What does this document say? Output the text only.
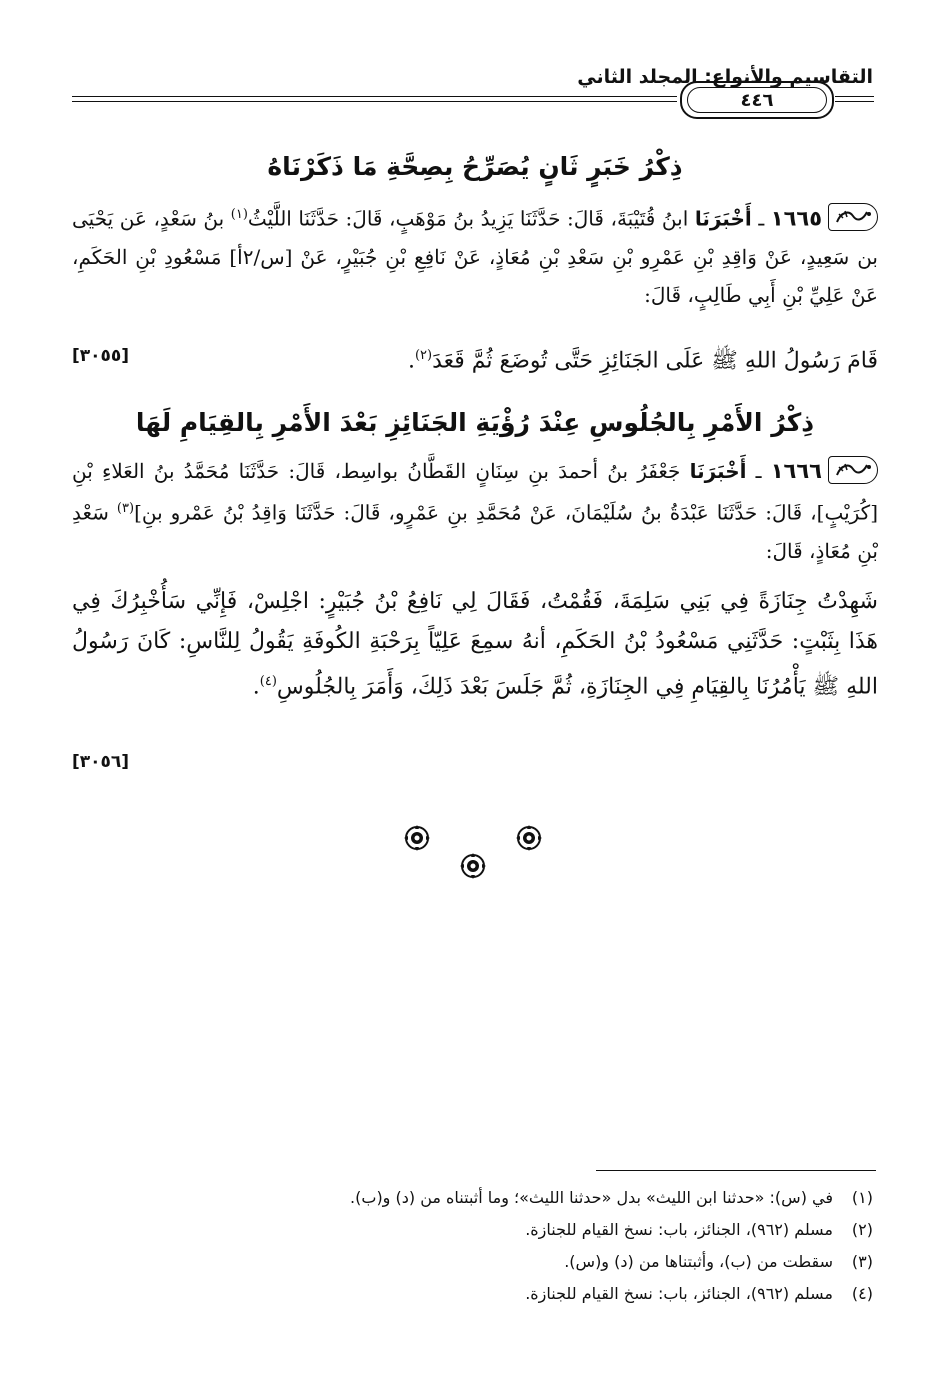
التقاسيم والأنواع: المجلد الثاني
٤٤٦
ذِكْرُ خَبَرٍ ثَانٍ يُصَرِّحُ بِصِحَّةِ مَا ذَكَرْنَاهُ
١٦٦٥ ـ أَخْبَرَنَا ابنُ قُتَيْبَةَ، قَالَ: حَدَّثَنَا يَزِيدُ بنُ مَوْهَبٍ، قَالَ: حَدَّثَنَا اللَّيْثُ$^{(١)}$ بنُ سَعْدٍ، عَن يَحْيَى بن سَعِيدٍ، عَنْ وَاقِدِ بْنِ عَمْرِو بْنِ سَعْدِ بْنِ مُعَاذٍ، عَنْ نَافِعِ بْنِ جُبَيْرٍ، عَنْ [س/٢أ] مَسْعُودِ بْنِ الحَكَمِ، عَنْ عَلِيِّ بْنِ أَبِي طَالِبٍ، قَالَ:
قَامَ رَسُولُ اللهِ ﷺ عَلَى الجَنَائِزِ حَتَّى تُوضَعَ ثُمَّ قَعَدَ$^{(٢)}$.
[٣٠٥٥]
ذِكْرُ الأَمْرِ بِالجُلُوسِ عِنْدَ رُؤْيَةِ الجَنَائِزِ بَعْدَ الأَمْرِ بِالقِيَامِ لَهَا
١٦٦٦ ـ أَخْبَرَنَا جَعْفَرُ بنُ أحمدَ بنِ سِنَانٍ القَطَّانُ بواسِط، قَالَ: حَدَّثَنَا مُحَمَّدُ بنُ العَلاءِ بْنِ [كُرَيْبٍ]، قَالَ: حَدَّثَنَا عَبْدَةُ بنُ سُلَيْمَانَ، عَنْ مُحَمَّدِ بنِ عَمْرٍو، قَالَ: حَدَّثَنَا وَاقِدُ بْنُ عَمْرو بنِ]$^{(٣)}$ سَعْدِ بْنِ مُعَاذٍ، قَالَ:
شَهِدْتُ جِنَازَةً فِي بَنِي سَلِمَةَ، فَقُمْتُ، فَقَالَ لِي نَافِعُ بْنُ جُبَيْرٍ: اجْلِسْ، فَإِنِّي سَأُخْبِرُكَ فِي هَذَا بِثَبْتٍ: حَدَّثَنِي مَسْعُودُ بْنُ الحَكَمِ، أنهُ سمِعَ عَلِيّاً بِرَحْبَةِ الكُوفَةِ يَقُولُ لِلنَّاسِ: كَانَ رَسُولُ اللهِ ﷺ يَأْمُرُنَا بِالقِيَامِ فِي الجِنَازَةِ، ثُمَّ جَلَسَ بَعْدَ ذَلِكَ، وَأَمَرَ بِالجُلُوسِ$^{(٤)}$.
[٣٠٥٦]
(١)في (س): «حدثنا ابن الليث» بدل «حدثنا الليث»؛ وما أثبتناه من (د) و(ب).
(٢)مسلم (٩٦٢)، الجنائز، باب: نسخ القيام للجنازة.
(٣)سقطت من (ب)، وأثبتناها من (د) و(س).
(٤)مسلم (٩٦٢)، الجنائز، باب: نسخ القيام للجنازة.
